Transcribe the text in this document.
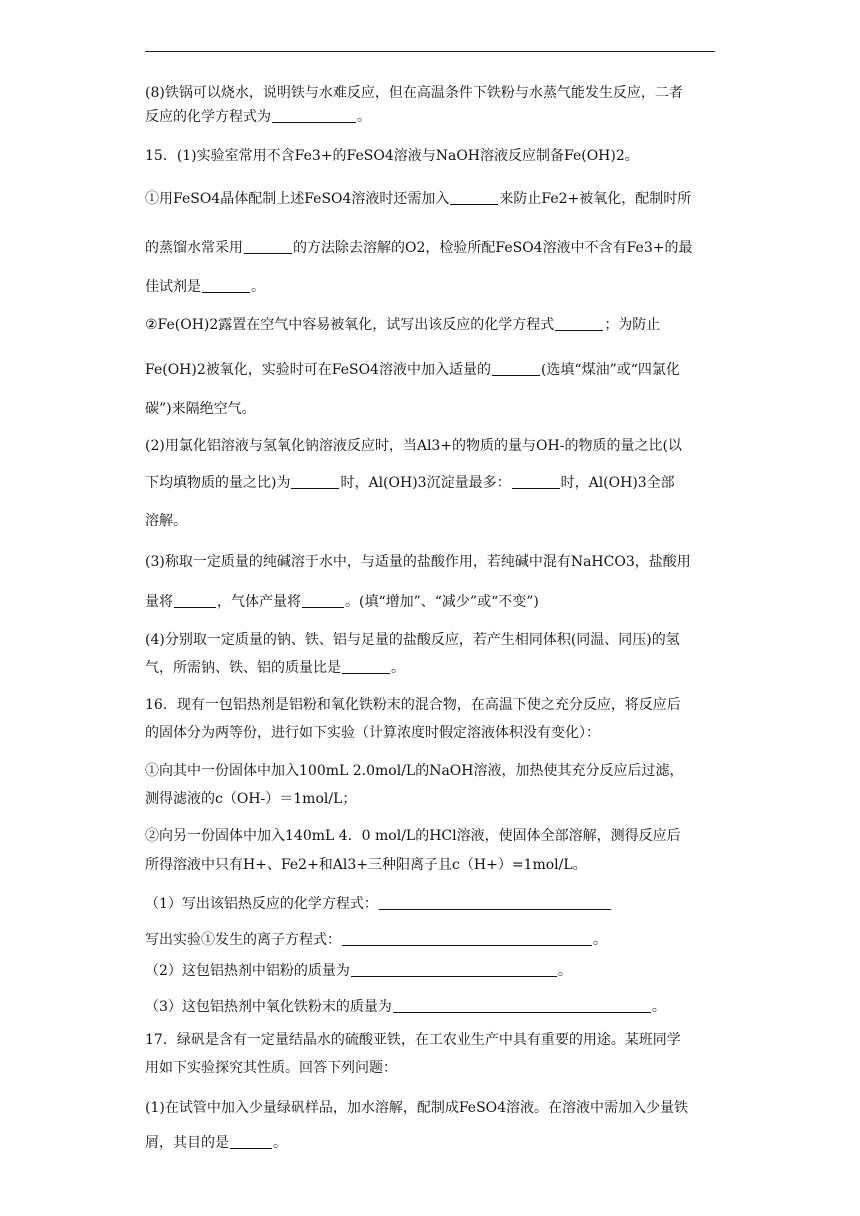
(8)铁锅可以烧水，说明铁与水难反应，但在高温条件下铁粉与水蒸气能发生反应，二者
反应的化学方程式为	。
15．(1)实验室常用不含Fe3+的FeSO4溶液与NaOH溶液反应制备Fe(OH)2。
①用FeSO4晶体配制上述FeSO4溶液时还需加入	来防止Fe2+被氧化，配制时所
的蒸馏水常采用	的方法除去溶解的O2，检验所配FeSO4溶液中不含有Fe3+的最
佳试剂是	。
②Fe(OH)2露置在空气中容易被氧化，试写出该反应的化学方程式	；为防止
Fe(OH)2被氧化，实验时可在FeSO4溶液中加入适量的	(选填“煤油”或“四氯化
碳”)来隔绝空气。
(2)用氯化铝溶液与氢氧化钠溶液反应时，当Al3+的物质的量与OH-的物质的量之比(以
下均填物质的量之比)为	时，Al(OH)3沉淀量最多：	时，Al(OH)3全部
溶解。
(3)称取一定质量的纯碱溶于水中，与适量的盐酸作用，若纯碱中混有NaHCO3，盐酸用
量将	，气体产量将	。(填“增加”、“减少”或“不变”)
(4)分别取一定质量的钠、铁、铝与足量的盐酸反应，若产生相同体积(同温、同压)的氢
气，所需钠、铁、铝的质量比是	。
16．现有一包铝热剂是铝粉和氧化铁粉末的混合物，在高温下使之充分反应，将反应后
的固体分为两等份，进行如下实验（计算浓度时假定溶液体积没有变化）：
①向其中一份固体中加入100mL 2.0mol/L的NaOH溶液，加热使其充分反应后过滤，
测得滤液的c（OH-）＝1mol/L；
②向另一份固体中加入140mL 4．0 mol/L的HCl溶液，使固体全部溶解，测得反应后
所得溶液中只有H+、Fe2+和Al3+三种阳离子且c（H+）=1mol/L。
（1）写出该铝热反应的化学方程式：
写出实验①发生的离子方程式：	。
（2）这包铝热剂中铝粉的质量为	。
（3）这包铝热剂中氧化铁粉末的质量为	。
17．绿矾是含有一定量结晶水的硫酸亚铁，在工农业生产中具有重要的用途。某班同学
用如下实验探究其性质。回答下列问题：
(1)在试管中加入少量绿矾样品，加水溶解，配制成FeSO4溶液。在溶液中需加入少量铁
屑，其目的是	。
